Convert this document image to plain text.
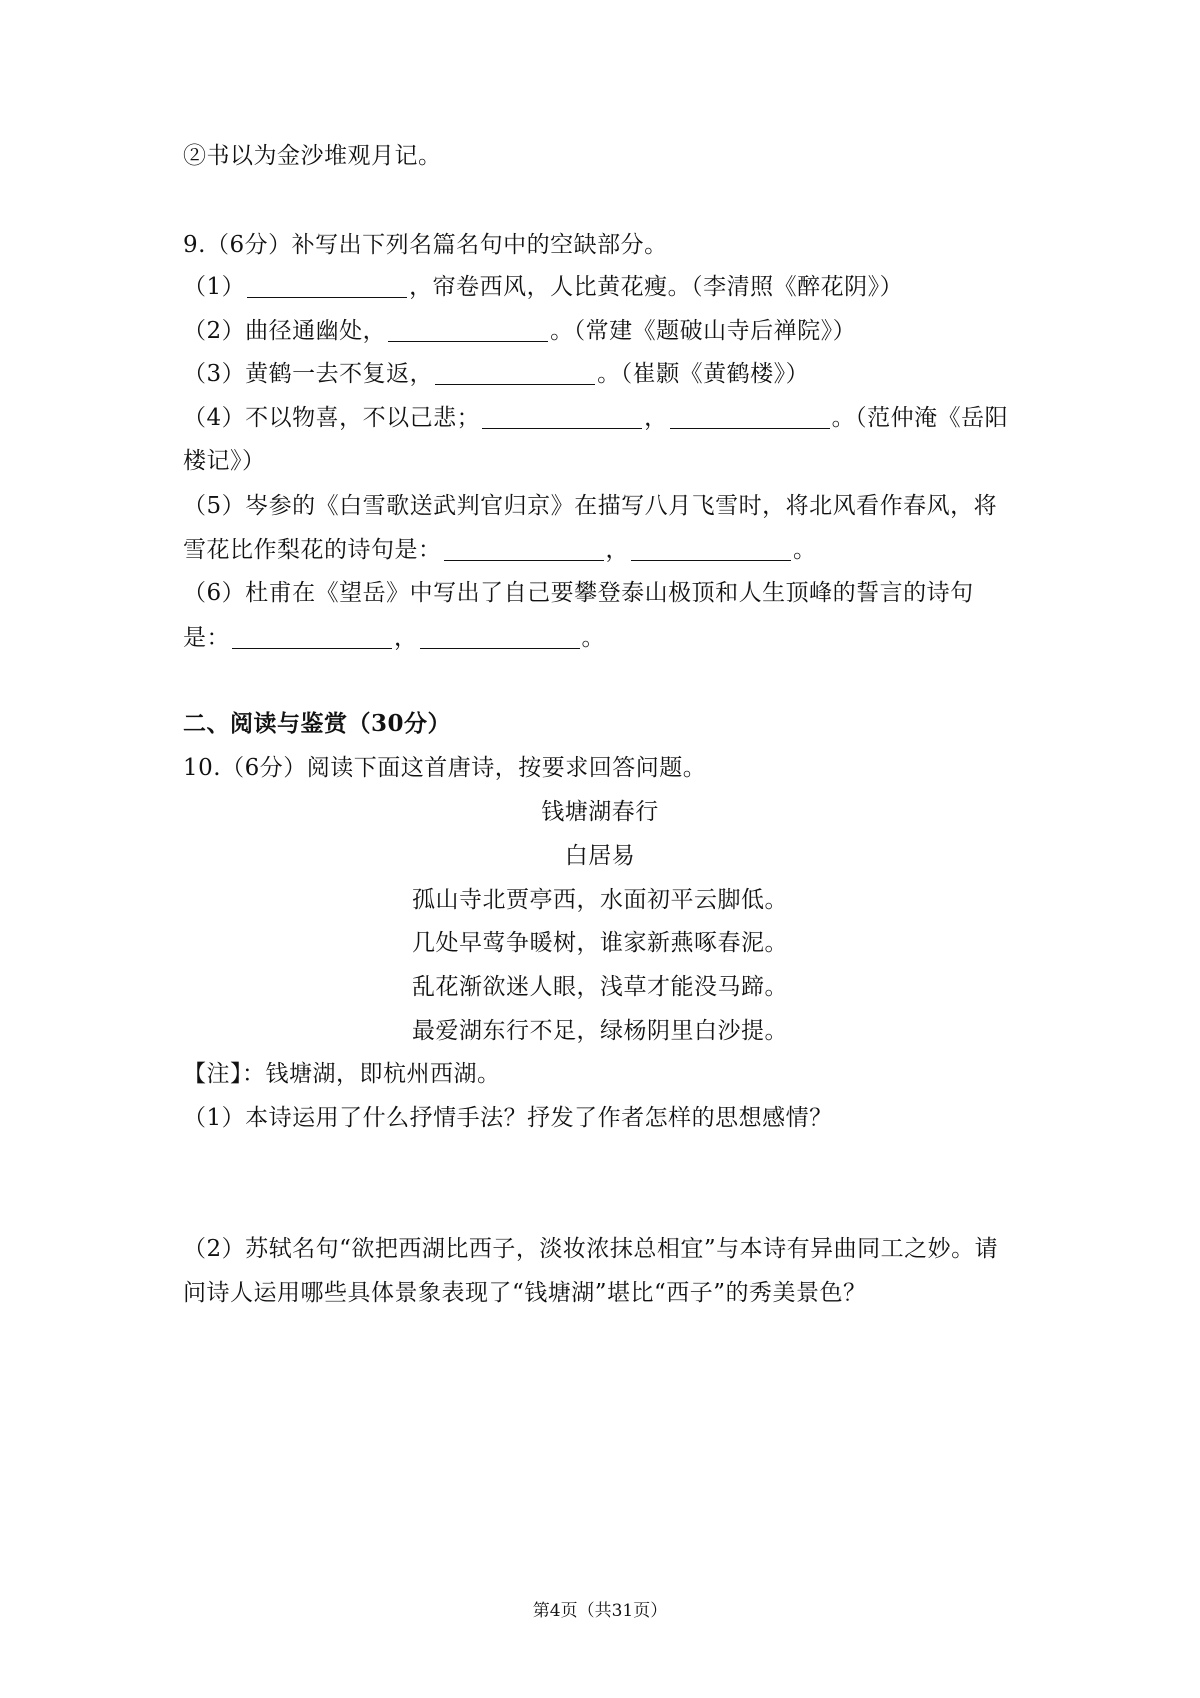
②书以为金沙堆观月记。
9.（6分）补写出下列名篇名句中的空缺部分。
（1）	，帘卷西风，人比黄花瘦。（李清照《醉花阴》）
（2）曲径通幽处，	。（常建《题破山寺后禅院》）
（3）黄鹤一去不复返，	。（崔颢《黄鹤楼》）
（4）不以物喜，不以己悲；	，	。（范仲淹《岳阳
楼记》）
（5）岑参的《白雪歌送武判官归京》在描写八月飞雪时，将北风看作春风，将
雪花比作梨花的诗句是：	，	。
（6）杜甫在《望岳》中写出了自己要攀登泰山极顶和人生顶峰的誓言的诗句
是：	，	。
二、阅读与鉴赏（30分）
10.（6分）阅读下面这首唐诗，按要求回答问题。
钱塘湖春行
白居易
孤山寺北贾亭西，水面初平云脚低。
几处早莺争暖树，谁家新燕啄春泥。
乱花渐欲迷人眼，浅草才能没马蹄。
最爱湖东行不足，绿杨阴里白沙提。
【注】：钱塘湖，即杭州西湖。
（1）本诗运用了什么抒情手法？抒发了作者怎样的思想感情？
（2）苏轼名句“欲把西湖比西子，淡妆浓抹总相宜”与本诗有异曲同工之妙。请
问诗人运用哪些具体景象表现了“钱塘湖”堪比“西子”的秀美景色？
第4页（共31页）
